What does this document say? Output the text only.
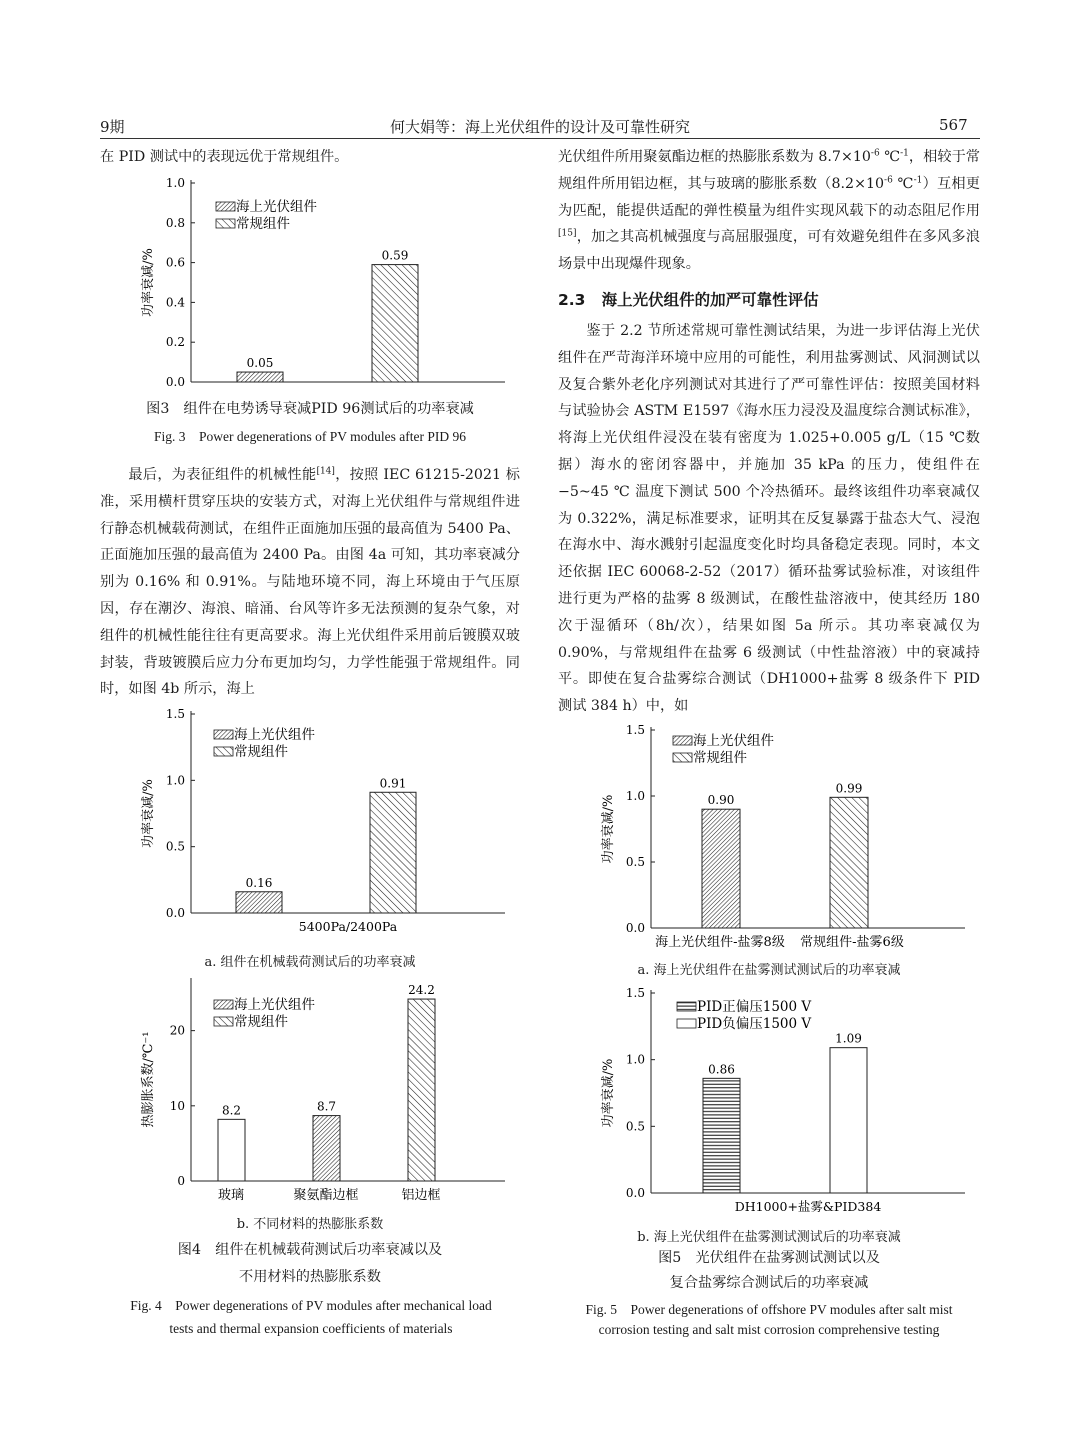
9期	何大娟等：海上光伏组件的设计及可靠性研究	567
在 PID 测试中的表现远优于常规组件。
0.0
0.2
0.4
0.6
0.8
1.0
功率衰减/%
海上光伏组件
常规组件
0.05
0.59
图3　组件在电势诱导衰减PID 96测试后的功率衰减
Fig. 3　Power degenerations of PV modules after PID 96
最后，为表征组件的机械性能[14]，按照 IEC 61215-2021 标准，采用横杆贯穿压块的安装方式，对海上光伏组件与常规组件进行静态机械载荷测试，在组件正面施加压强的最高值为 5400 Pa、正面施加压强的最高值为 2400 Pa。由图 4a 可知，其功率衰减分别为 0.16% 和 0.91%。与陆地环境不同，海上环境由于气压原因，存在潮汐、海浪、暗涌、台风等许多无法预测的复杂气象，对组件的机械性能往往有更高要求。海上光伏组件采用前后镀膜双玻封装，背玻镀膜后应力分布更加均匀，力学性能强于常规组件。同时，如图 4b 所示，海上
0.0
0.5
1.0
1.5
功率衰减/%
海上光伏组件
常规组件
0.16
0.91
5400Pa/2400Pa
a. 组件在机械载荷测试后的功率衰减
0
10
20
热膨胀系数/℃⁻¹
海上光伏组件
常规组件
8.2	8.7
24.2
玻璃	聚氨酯边框	铝边框
b. 不同材料的热膨胀系数
图4　组件在机械载荷测试后功率衰减以及
不用材料的热膨胀系数
Fig. 4　Power degenerations of PV modules after mechanical load
tests and thermal expansion coefficients of materials
光伏组件所用聚氨酯边框的热膨胀系数为 $8.7\times 10^{-6}$ ℃$^{-1}$，相较于常规组件所用铝边框，其与玻璃的膨胀系数（$8.2\times 10^{-6}$ ℃$^{-1}$）互相更为匹配，能提供适配的弹性模量为组件实现风载下的动态阻尼作用[15]，加之其高机械强度与高屈服强度，可有效避免组件在多风多浪场景中出现爆件现象。
2.3 海上光伏组件的加严可靠性评估
鉴于 2.2 节所述常规可靠性测试结果，为进一步评估海上光伏组件在严苛海洋环境中应用的可能性，利用盐雾测试、风洞测试以及复合紫外老化序列测试对其进行了严可靠性评估：按照美国材料与试验协会 ASTM E1597《海水压力浸没及温度综合测试标准》，将海上光伏组件浸没在装有密度为 1.025+0.005 g/L（15 ℃数据）海水的密闭容器中，并施加 35 kPa 的压力，使组件在 −5~45 ℃ 温度下测试 500 个冷热循环。最终该组件功率衰减仅为 0.322%，满足标准要求，证明其在反复暴露于盐态大气、浸泡在海水中、海水溅射引起温度变化时均具备稳定表现。同时，本文还依据 IEC 60068-2-52（2017）循环盐雾试验标准，对该组件进行更为严格的盐雾 8 级测试，在酸性盐溶液中，使其经历 180 次于湿循环（8h/次），结果如图 5a 所示。其功率衰减仅为 0.90%，与常规组件在盐雾 6 级测试（中性盐溶液）中的衰减持平。即使在复合盐雾综合测试（DH1000+盐雾 8 级条件下 PID 测试 384 h）中，如
0.0
0.5
1.0
1.5
功率衰减/%
海上光伏组件
常规组件
0.90
0.99
海上光伏组件-盐雾8级 常规组件-盐雾6级
a. 海上光伏组件在盐雾测试测试后的功率衰减
0.0
0.5
1.0
1.5
功率衰减/%
PID正偏压1500 V
PID负偏压1500 V
0.86
1.09
DH1000+盐雾&PID384
b. 海上光伏组件在盐雾测试测试后的功率衰减
图5　光伏组件在盐雾测试测试以及
复合盐雾综合测试后的功率衰减
Fig. 5　Power degenerations of offshore PV modules after salt mist
corrosion testing and salt mist corrosion comprehensive testing
